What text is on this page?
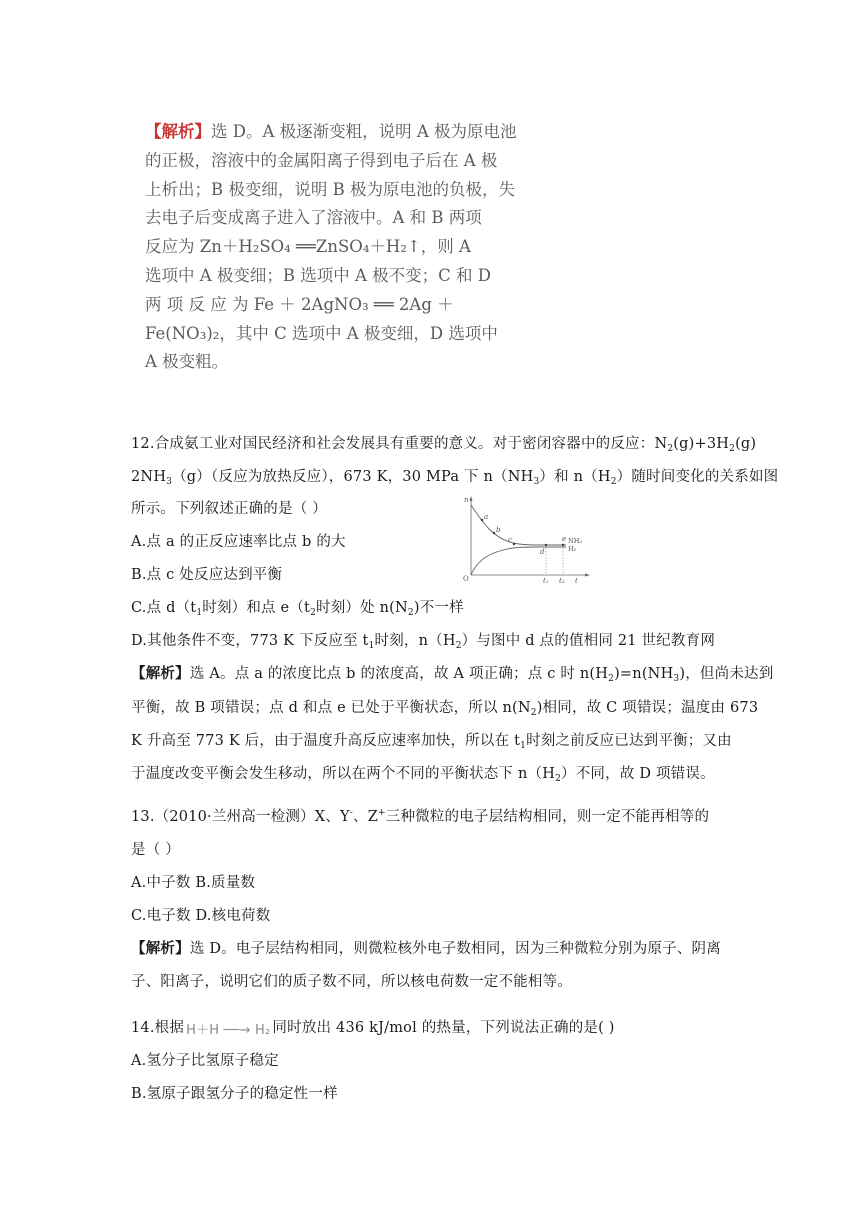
【解析】选 D。A 极逐渐变粗，说明 A 极为原电池
的正极，溶液中的金属阳离子得到电子后在 A 极
上析出；B 极变细，说明 B 极为原电池的负极，失
去电子后变成离子进入了溶液中。A 和 B 两项
反应为 Zn＋H₂SO₄ ══ZnSO₄＋H₂↑，则 A
选项中 A 极变细；B 选项中 A 极不变；C 和 D
两 项 反 应 为 Fe ＋ 2AgNO₃ ══ 2Ag ＋
Fe(NO₃)₂，其中 C 选项中 A 极变细，D 选项中
A 极变粗。
12.合成氨工业对国民经济和社会发展具有重要的意义。对于密闭容器中的反应：$N_2(g)+3H_2(g)$
$2NH_3(g)$（反应为放热反应），673 K，30 MPa 下 $n(NH_3)$和 $n(H_2)$随时间变化的关系如图
所示。下列叙述正确的是（ ）
A.点 a 的正反应速率比点 b 的大
B.点 c 处反应达到平衡
C.点 $d(t_1$时刻）和点 $e(t_2$时刻）处 $n(N_2)$不一样
D.其他条件不变，773 K 下反应至 $t_1$时刻，$n(H_2)$与图中 d 点的值相同 21 世纪教育网
【解析】选 A。点 a 的浓度比点 b 的浓度高，故 A 项正确；点 c 时 $n(H_2)=n(NH_3)$，但尚未达到
平衡，故 B 项错误；点 d 和点 e 已处于平衡状态，所以 $n(N_2)$相同，故 C 项错误；温度由 673
K 升高至 773 K 后，由于温度升高反应速率加快，所以在 $t_1$时刻之前反应已达到平衡；又由
于温度改变平衡会发生移动，所以在两个不同的平衡状态下 $n(H_2)$不同，故 D 项错误。
n
O
a
b
c
d
e NH₃
H₂
t₁ t₂ t
13.（2010·兰州高一检测）X、Y-、Z+三种微粒的电子层结构相同，则一定不能再相等的
是（ ）
A.中子数 B.质量数
C.电子数 D.核电荷数
【解析】选 D。电子层结构相同，则微粒核外电子数相同，因为三种微粒分别为原子、阴离
子、阳离子，说明它们的质子数不同，所以核电荷数一定不能相等。
14.根据 H＋H ──→ H₂ 同时放出 436 kJ/mol 的热量，下列说法正确的是( )
A.氢分子比氢原子稳定
B.氢原子跟氢分子的稳定性一样
